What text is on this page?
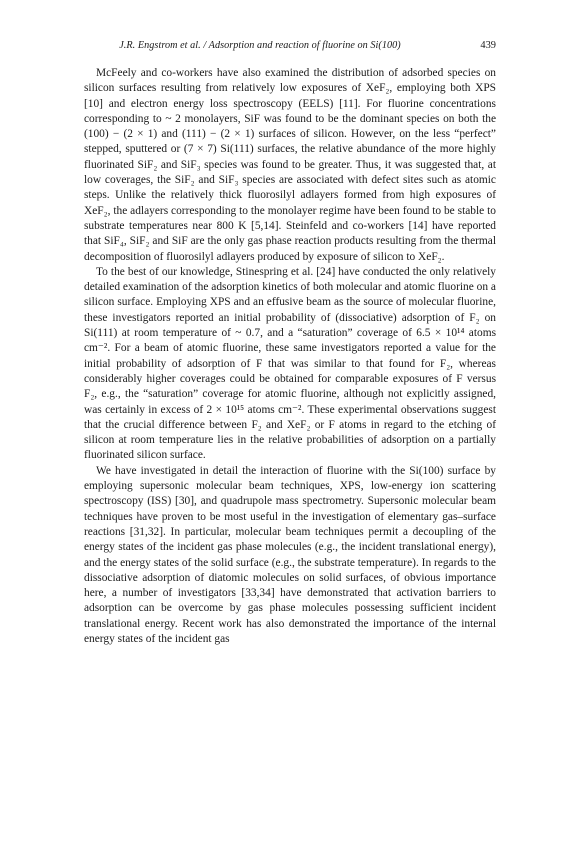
J.R. Engstrom et al. / Adsorption and reaction of fluorine on Si(100)	439

McFeely and co-workers have also examined the distribution of adsorbed species on silicon surfaces resulting from relatively low exposures of XeF₂, employing both XPS [10] and electron energy loss spectroscopy (EELS) [11]. For fluorine concentrations corresponding to ~ 2 monolayers, SiF was found to be the dominant species on both the (100) − (2 × 1) and (111) − (2 × 1) surfaces of silicon. However, on the less “perfect” stepped, sputtered or (7 × 7) Si(111) surfaces, the relative abundance of the more highly fluorinated SiF₂ and SiF₃ species was found to be greater. Thus, it was suggested that, at low coverages, the SiF₂ and SiF₃ species are associated with defect sites such as atomic steps. Unlike the relatively thick fluorosilyl adlayers formed from high exposures of XeF₂, the adlayers corresponding to the monolayer regime have been found to be stable to substrate temperatures near 800 K [5,14]. Steinfeld and co-workers [14] have reported that SiF₄, SiF₂ and SiF are the only gas phase reaction products resulting from the thermal decomposition of fluorosilyl adlayers produced by exposure of silicon to XeF₂.

To the best of our knowledge, Stinespring et al. [24] have conducted the only relatively detailed examination of the adsorption kinetics of both molecular and atomic fluorine on a silicon surface. Employing XPS and an effusive beam as the source of molecular fluorine, these investigators reported an initial probability of (dissociative) adsorption of F₂ on Si(111) at room temperature of ~ 0.7, and a “saturation” coverage of 6.5 × 10¹⁴ atoms cm⁻². For a beam of atomic fluorine, these same investigators reported a value for the initial probability of adsorption of F that was similar to that found for F₂, whereas considerably higher coverages could be obtained for comparable exposures of F versus F₂, e.g., the “saturation” coverage for atomic fluorine, although not explicitly assigned, was certainly in excess of 2 × 10¹⁵ atoms cm⁻². These experimental observations suggest that the crucial difference between F₂ and XeF₂ or F atoms in regard to the etching of silicon at room temperature lies in the relative probabilities of adsorption on a partially fluorinated silicon surface.

We have investigated in detail the interaction of fluorine with the Si(100) surface by employing supersonic molecular beam techniques, XPS, low-energy ion scattering spectroscopy (ISS) [30], and quadrupole mass spectrometry. Supersonic molecular beam techniques have proven to be most useful in the investigation of elementary gas–surface reactions [31,32]. In particular, molecular beam techniques permit a decoupling of the energy states of the incident gas phase molecules (e.g., the incident translational energy), and the energy states of the solid surface (e.g., the substrate temperature). In regards to the dissociative adsorption of diatomic molecules on solid surfaces, of obvious importance here, a number of investigators [33,34] have demonstrated that activation barriers to adsorption can be overcome by gas phase molecules possessing sufficient incident translational energy. Recent work has also demonstrated the importance of the internal energy states of the incident gas
